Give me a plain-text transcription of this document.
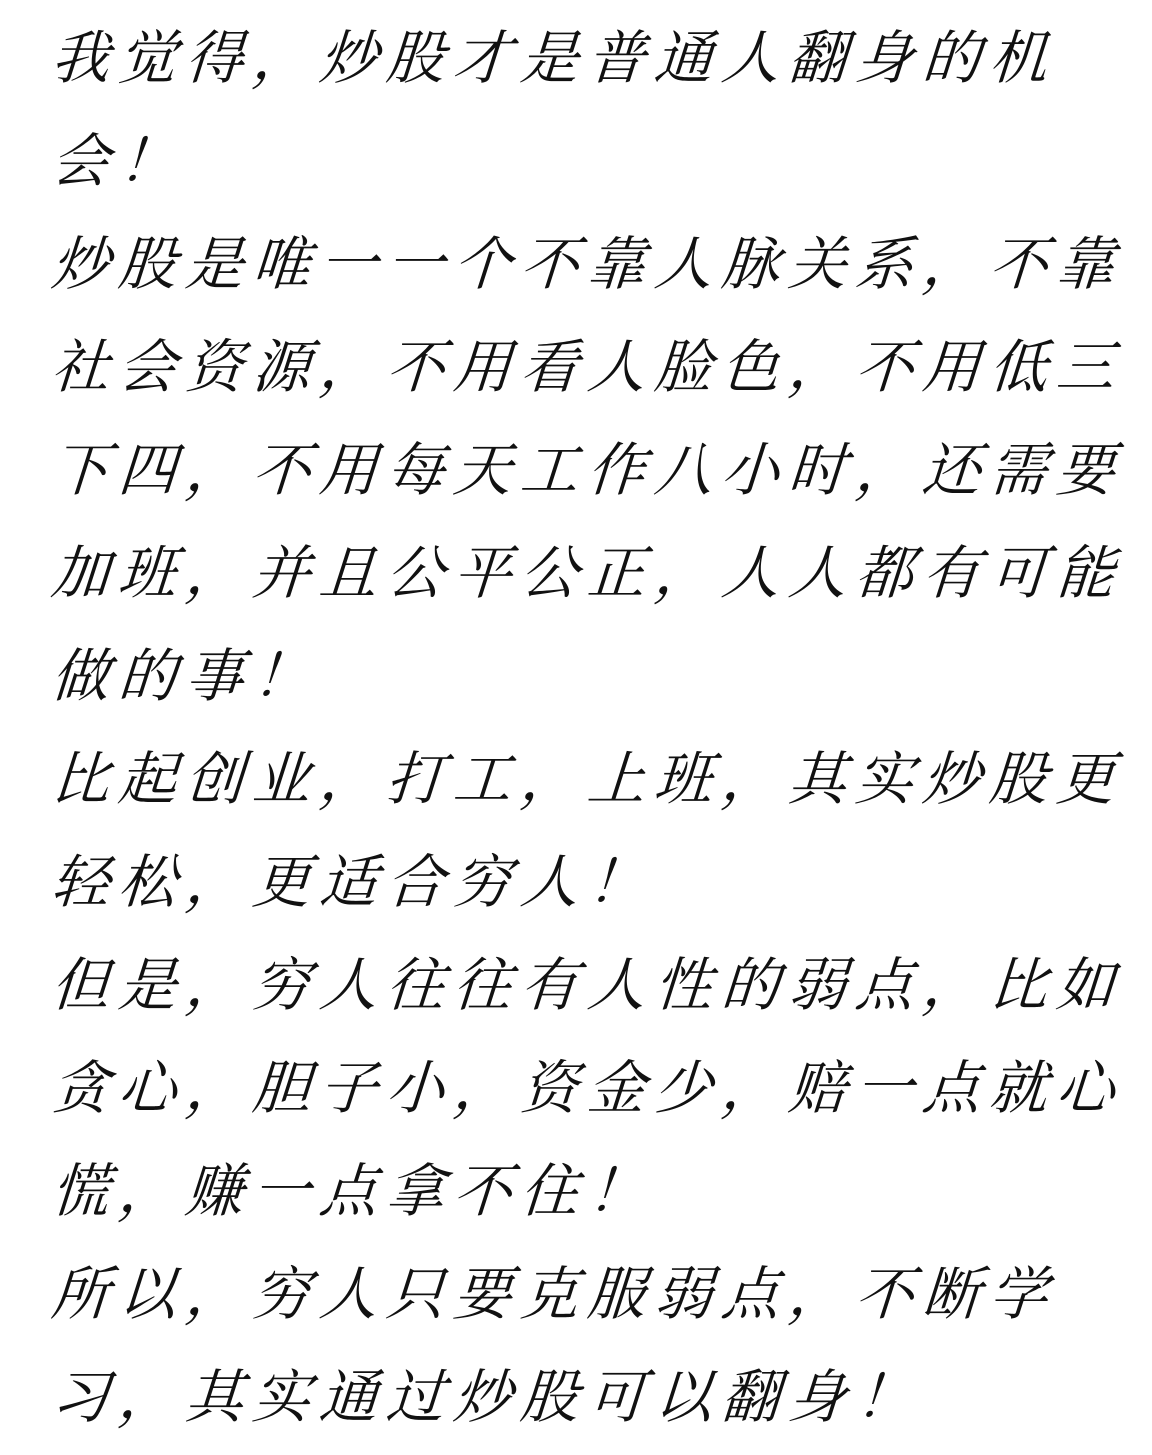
我觉得，炒股才是普通人翻身的机
会！
炒股是唯一一个不靠人脉关系，不靠
社会资源，不用看人脸色，不用低三
下四，不用每天工作八小时，还需要
加班，并且公平公正，人人都有可能
做的事！
比起创业，打工，上班，其实炒股更
轻松，更适合穷人！
但是，穷人往往有人性的弱点，比如
贪心，胆子小，资金少，赔一点就心
慌，赚一点拿不住！
所以，穷人只要克服弱点，不断学
习，其实通过炒股可以翻身！
